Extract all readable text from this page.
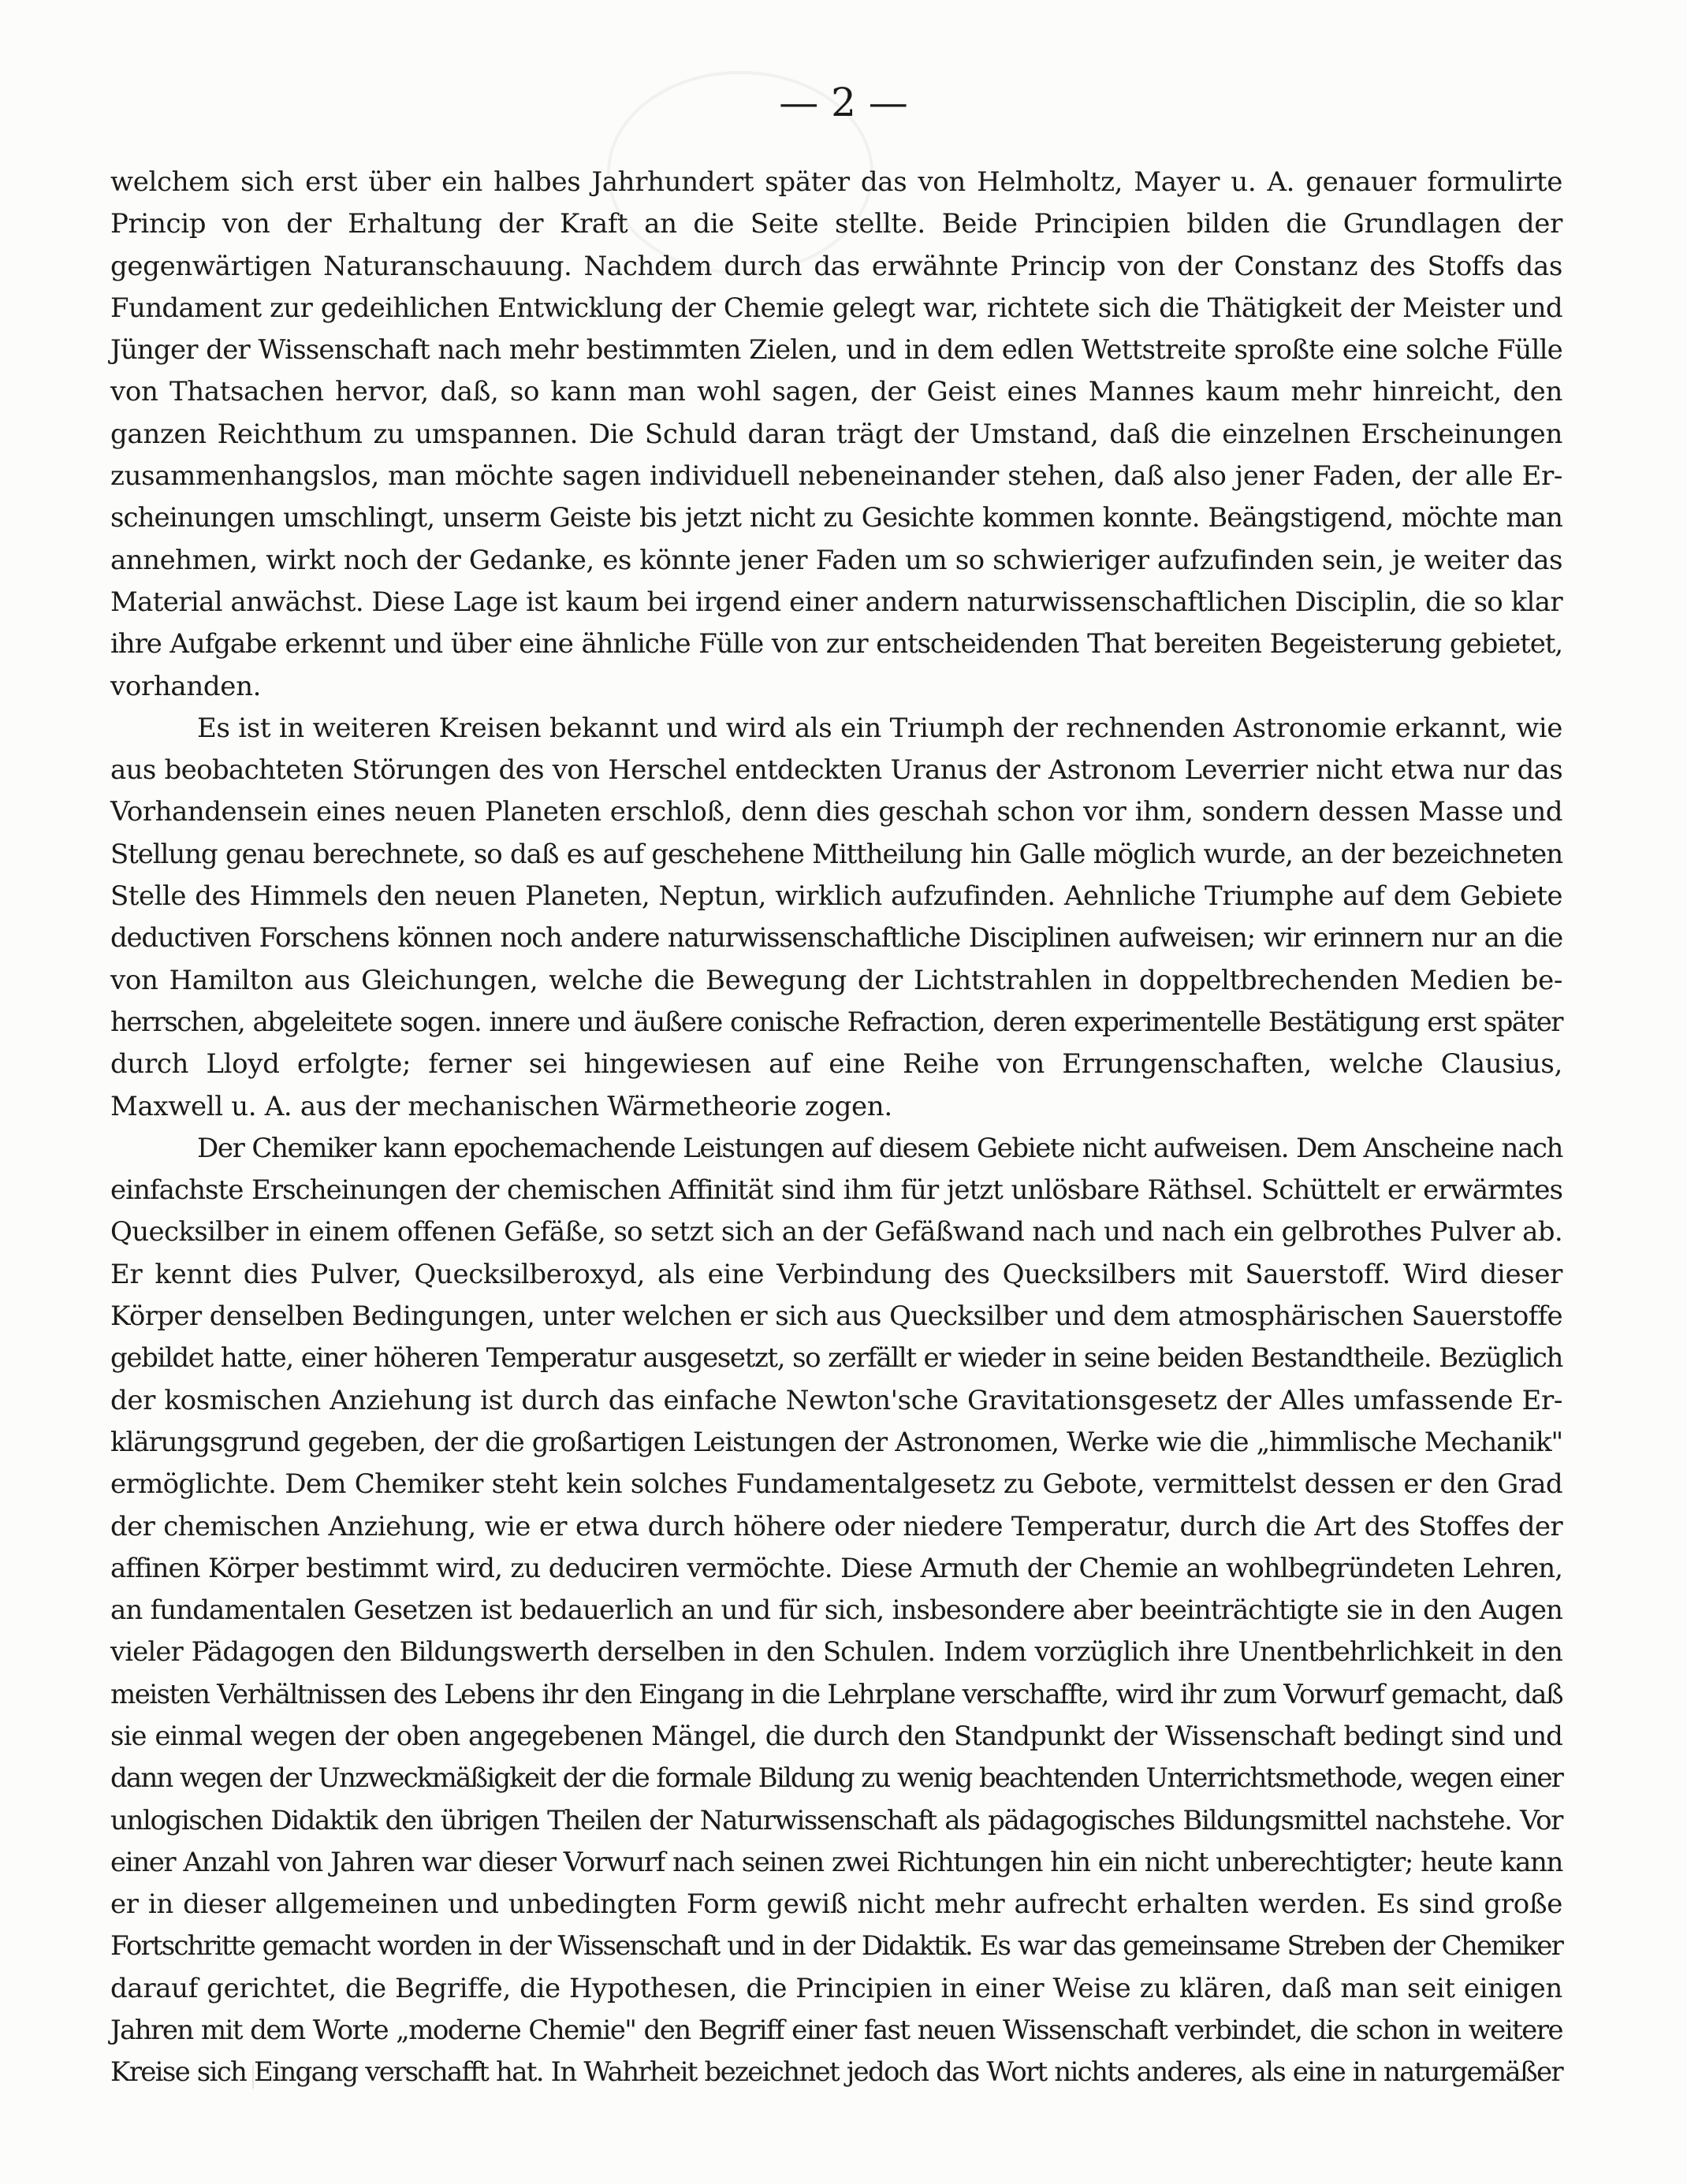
— 2 —
welchem sich erst über ein halbes Jahrhundert später das von Helmholtz, Mayer u. A. genauer formulirte
Princip von der Erhaltung der Kraft an die Seite stellte. Beide Principien bilden die Grundlagen der
gegenwärtigen Naturanschauung. Nachdem durch das erwähnte Princip von der Constanz des Stoffs das
Fundament zur gedeihlichen Entwicklung der Chemie gelegt war, richtete sich die Thätigkeit der Meister und
Jünger der Wissenschaft nach mehr bestimmten Zielen, und in dem edlen Wettstreite sproßte eine solche Fülle
von Thatsachen hervor, daß, so kann man wohl sagen, der Geist eines Mannes kaum mehr hinreicht, den
ganzen Reichthum zu umspannen. Die Schuld daran trägt der Umstand, daß die einzelnen Erscheinungen
zusammenhangslos, man möchte sagen individuell nebeneinander stehen, daß also jener Faden, der alle Er-
scheinungen umschlingt, unserm Geiste bis jetzt nicht zu Gesichte kommen konnte. Beängstigend, möchte man
annehmen, wirkt noch der Gedanke, es könnte jener Faden um so schwieriger aufzufinden sein, je weiter das
Material anwächst. Diese Lage ist kaum bei irgend einer andern naturwissenschaftlichen Disciplin, die so klar
ihre Aufgabe erkennt und über eine ähnliche Fülle von zur entscheidenden That bereiten Begeisterung gebietet,
vorhanden.
Es ist in weiteren Kreisen bekannt und wird als ein Triumph der rechnenden Astronomie erkannt, wie
aus beobachteten Störungen des von Herschel entdeckten Uranus der Astronom Leverrier nicht etwa nur das
Vorhandensein eines neuen Planeten erschloß, denn dies geschah schon vor ihm, sondern dessen Masse und
Stellung genau berechnete, so daß es auf geschehene Mittheilung hin Galle möglich wurde, an der bezeichneten
Stelle des Himmels den neuen Planeten, Neptun, wirklich aufzufinden. Aehnliche Triumphe auf dem Gebiete
deductiven Forschens können noch andere naturwissenschaftliche Disciplinen aufweisen; wir erinnern nur an die
von Hamilton aus Gleichungen, welche die Bewegung der Lichtstrahlen in doppeltbrechenden Medien be-
herrschen, abgeleitete sogen. innere und äußere conische Refraction, deren experimentelle Bestätigung erst später
durch Lloyd erfolgte; ferner sei hingewiesen auf eine Reihe von Errungenschaften, welche Clausius,
Maxwell u. A. aus der mechanischen Wärmetheorie zogen.
Der Chemiker kann epochemachende Leistungen auf diesem Gebiete nicht aufweisen. Dem Anscheine nach
einfachste Erscheinungen der chemischen Affinität sind ihm für jetzt unlösbare Räthsel. Schüttelt er erwärmtes
Quecksilber in einem offenen Gefäße, so setzt sich an der Gefäßwand nach und nach ein gelbrothes Pulver ab.
Er kennt dies Pulver, Quecksilberoxyd, als eine Verbindung des Quecksilbers mit Sauerstoff. Wird dieser
Körper denselben Bedingungen, unter welchen er sich aus Quecksilber und dem atmosphärischen Sauerstoffe
gebildet hatte, einer höheren Temperatur ausgesetzt, so zerfällt er wieder in seine beiden Bestandtheile. Bezüglich
der kosmischen Anziehung ist durch das einfache Newton'sche Gravitationsgesetz der Alles umfassende Er-
klärungsgrund gegeben, der die großartigen Leistungen der Astronomen, Werke wie die „himmlische Mechanik"
ermöglichte. Dem Chemiker steht kein solches Fundamentalgesetz zu Gebote, vermittelst dessen er den Grad
der chemischen Anziehung, wie er etwa durch höhere oder niedere Temperatur, durch die Art des Stoffes der
affinen Körper bestimmt wird, zu deduciren vermöchte. Diese Armuth der Chemie an wohlbegründeten Lehren,
an fundamentalen Gesetzen ist bedauerlich an und für sich, insbesondere aber beeinträchtigte sie in den Augen
vieler Pädagogen den Bildungswerth derselben in den Schulen. Indem vorzüglich ihre Unentbehrlichkeit in den
meisten Verhältnissen des Lebens ihr den Eingang in die Lehrplane verschaffte, wird ihr zum Vorwurf gemacht, daß
sie einmal wegen der oben angegebenen Mängel, die durch den Standpunkt der Wissenschaft bedingt sind und
dann wegen der Unzweckmäßigkeit der die formale Bildung zu wenig beachtenden Unterrichtsmethode, wegen einer
unlogischen Didaktik den übrigen Theilen der Naturwissenschaft als pädagogisches Bildungsmittel nachstehe. Vor
einer Anzahl von Jahren war dieser Vorwurf nach seinen zwei Richtungen hin ein nicht unberechtigter; heute kann
er in dieser allgemeinen und unbedingten Form gewiß nicht mehr aufrecht erhalten werden. Es sind große
Fortschritte gemacht worden in der Wissenschaft und in der Didaktik. Es war das gemeinsame Streben der Chemiker
darauf gerichtet, die Begriffe, die Hypothesen, die Principien in einer Weise zu klären, daß man seit einigen
Jahren mit dem Worte „moderne Chemie" den Begriff einer fast neuen Wissenschaft verbindet, die schon in weitere
Kreise sich Eingang verschafft hat. In Wahrheit bezeichnet jedoch das Wort nichts anderes, als eine in naturgemäßer
